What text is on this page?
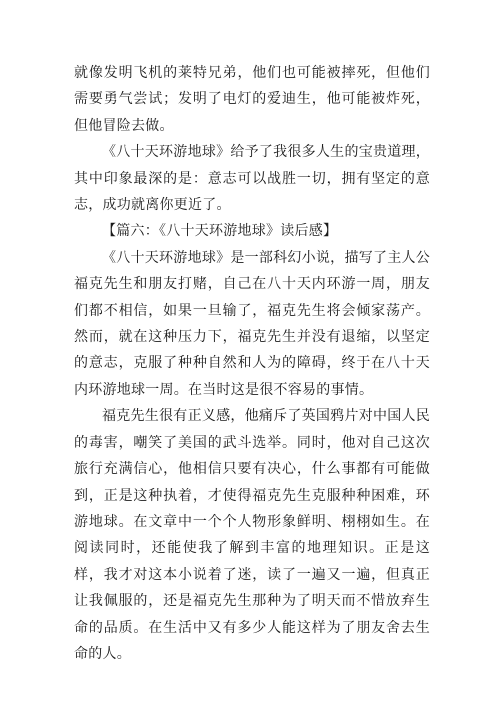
就像发明飞机的莱特兄弟，他们也可能被摔死，但他们需要勇气尝试；发明了电灯的爱迪生，他可能被炸死，但他冒险去做。

《八十天环游地球》给予了我很多人生的宝贵道理，其中印象最深的是：意志可以战胜一切，拥有坚定的意志，成功就离你更近了。

【篇六：《八十天环游地球》读后感】

《八十天环游地球》是一部科幻小说，描写了主人公福克先生和朋友打赌，自己在八十天内环游一周，朋友们都不相信，如果一旦输了，福克先生将会倾家荡产。然而，就在这种压力下，福克先生并没有退缩，以坚定的意志，克服了种种自然和人为的障碍，终于在八十天内环游地球一周。在当时这是很不容易的事情。

福克先生很有正义感，他痛斥了英国鸦片对中国人民的毒害，嘲笑了美国的武斗选举。同时，他对自己这次旅行充满信心，他相信只要有决心，什么事都有可能做到，正是这种执着，才使得福克先生克服种种困难，环游地球。在文章中一个个人物形象鲜明、栩栩如生。在阅读同时，还能使我了解到丰富的地理知识。正是这样，我才对这本小说着了迷，读了一遍又一遍，但真正让我佩服的，还是福克先生那种为了明天而不惜放弃生命的品质。在生活中又有多少人能这样为了朋友舍去生命的人。
